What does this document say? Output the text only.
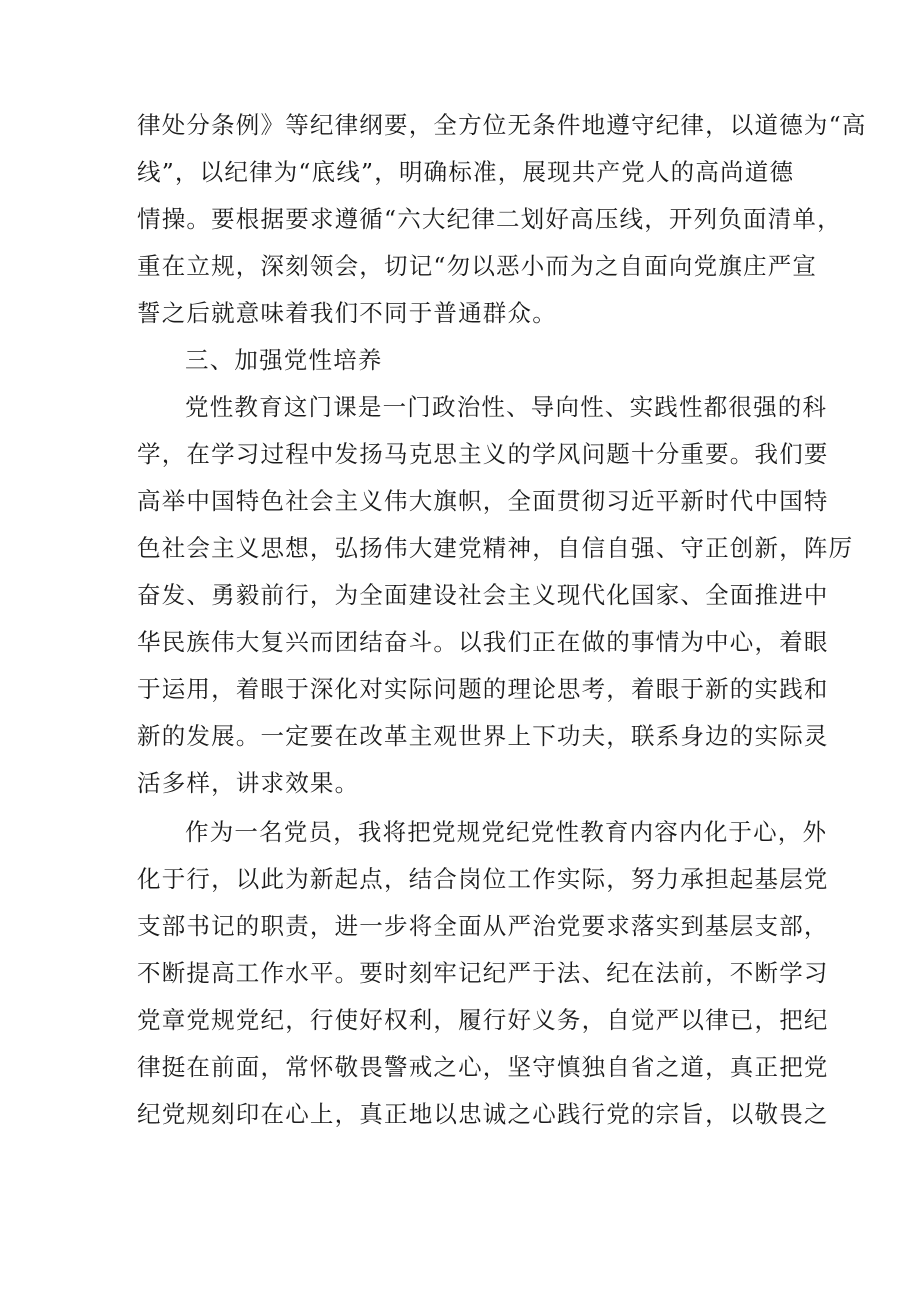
律处分条例》等纪律纲要，全方位无条件地遵守纪律，以道德为“高
线”，以纪律为“底线”，明确标准，展现共产党人的高尚道德
情操。要根据要求遵循“六大纪律二划好高压线，开列负面清单，
重在立规，深刻领会，切记“勿以恶小而为之自面向党旗庄严宣
誓之后就意味着我们不同于普通群众。
三、加强党性培养
党性教育这门课是一门政治性、导向性、实践性都很强的科
学，在学习过程中发扬马克思主义的学风问题十分重要。我们要
高举中国特色社会主义伟大旗帜，全面贯彻习近平新时代中国特
色社会主义思想，弘扬伟大建党精神，自信自强、守正创新，阵厉
奋发、勇毅前行，为全面建设社会主义现代化国家、全面推进中
华民族伟大复兴而团结奋斗。以我们正在做的事情为中心，着眼
于运用，着眼于深化对实际问题的理论思考，着眼于新的实践和
新的发展。一定要在改革主观世界上下功夫，联系身边的实际灵
活多样，讲求效果。
作为一名党员，我将把党规党纪党性教育内容内化于心，外
化于行，以此为新起点，结合岗位工作实际，努力承担起基层党
支部书记的职责，进一步将全面从严治党要求落实到基层支部，
不断提高工作水平。要时刻牢记纪严于法、纪在法前，不断学习
党章党规党纪，行使好权利，履行好义务，自觉严以律已，把纪
律挺在前面，常怀敬畏警戒之心，坚守慎独自省之道，真正把党
纪党规刻印在心上，真正地以忠诚之心践行党的宗旨，以敬畏之
